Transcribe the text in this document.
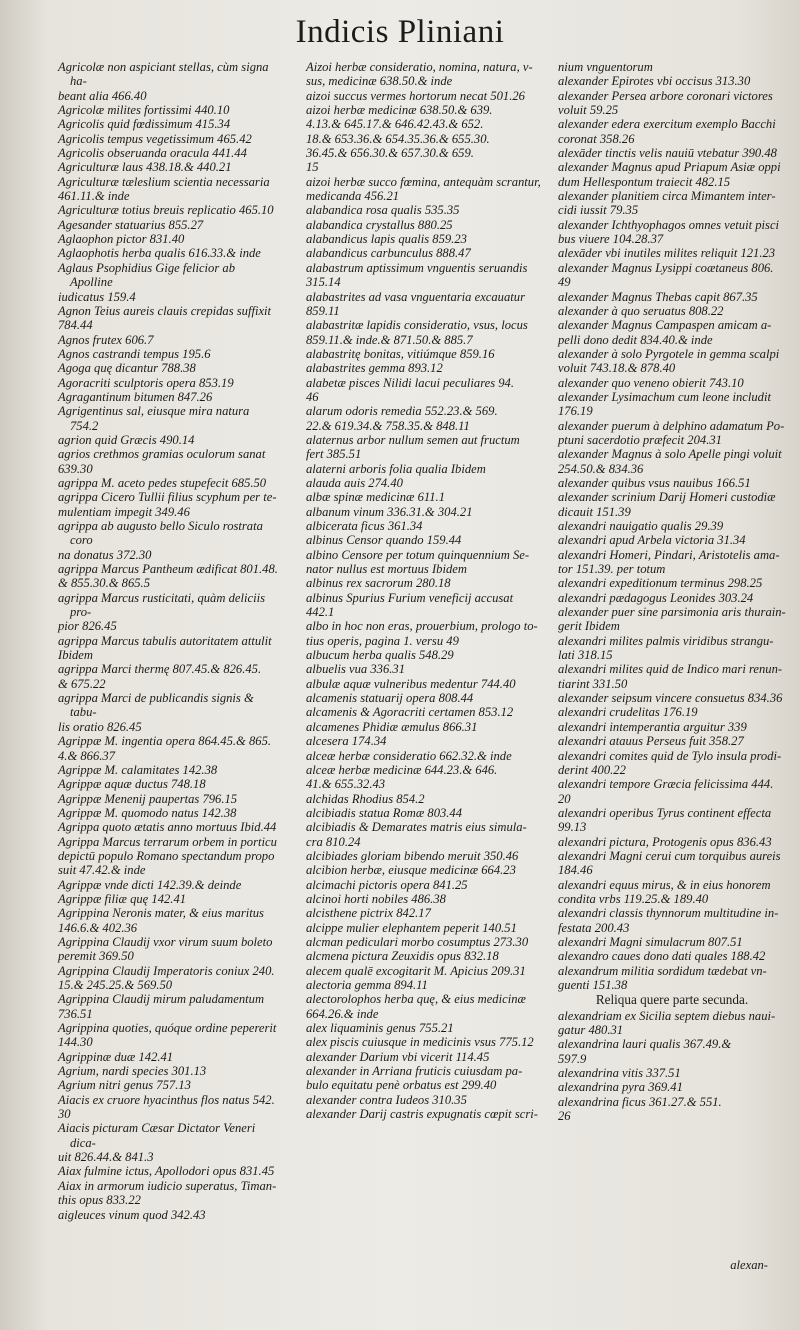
Indicis Pliniani
Agricolæ non aspiciant stellas, cùm signa ha-
beant alia 466.40
Agricolæ milites fortissimi 440.10
Agricolis quid fœdissimum 415.34
Agricolis tempus vegetissimum 465.42
Agricolis obseruanda oracula 441.44
Agriculturæ laus 438.18.& 440.21
Agriculturæ tæleslium scientia necessaria
461.11.& inde
Agriculturæ totius breuis replicatio 465.10
Agesander statuarius 855.27
Aglaophon pictor 831.40
Aglaophotis herba qualis 616.33.& inde
Aglaus Psophidius Gige felicior ab Apolline
iudicatus 159.4
Agnon Teius aureis clauis crepidas suffixit
784.44
Agnos frutex 606.7
Agnos castrandi tempus 195.6
Agoga quę dicantur 788.38
Agoracriti sculptoris opera 853.19
Agragantinum bitumen 847.26
Agrigentinus sal, eiusque mira natura 754.2
agrion quid Græcis 490.14
agrios crethmos gramias oculorum sanat
639.30
agrippa M. aceto pedes stupefecit 685.50
agrippa Cicero Tullii filius scyphum per te-
mulentiam impegit 349.46
agrippa ab augusto bello Siculo rostrata coro
na donatus 372.30
agrippa Marcus Pantheum ædificat 801.48.
& 855.30.& 865.5
agrippa Marcus rusticitati, quàm deliciis pro-
pior 826.45
agrippa Marcus tabulis autoritatem attulit
Ibidem
agrippa Marci thermę 807.45.& 826.45.
& 675.22
agrippa Marci de publicandis signis & tabu-
lis oratio 826.45
Agrippæ M. ingentia opera 864.45.& 865.
4.& 866.37
Agrippæ M. calamitates 142.38
Agrippæ aquæ ductus 748.18
Agrippæ Menenij paupertas 796.15
Agrippæ M. quomodo natus 142.38
Agrippa quoto ætatis anno mortuus Ibid.44
Agrippa Marcus terrarum orbem in porticu
depictū populo Romano spectandum propo
suit 47.42.& inde
Agrippæ vnde dicti 142.39.& deinde
Agrippæ filiæ quę 142.41
Agrippina Neronis mater, & eius maritus
146.6.& 402.36
Agrippina Claudij vxor virum suum boleto
peremit 369.50
Agrippina Claudij Imperatoris coniux 240.
15.& 245.25.& 569.50
Agrippina Claudij mirum paludamentum
736.51
Agrippina quoties, quóque ordine pepererit
144.30
Agrippinæ duæ 142.41
Agrium, nardi species 301.13
Agrium nitri genus 757.13
Aiacis ex cruore hyacinthus flos natus 542.
30
Aiacis picturam Cæsar Dictator Veneri dica-
uit 826.44.& 841.3
Aiax fulmine ictus, Apollodori opus 831.45
Aiax in armorum iudicio superatus, Timan-
this opus 833.22
aigleuces vinum quod 342.43
Aizoi herbæ consideratio, nomina, natura, v-
sus, medicinæ 638.50.& inde
aizoi succus vermes hortorum necat 501.26
aizoi herbæ medicinæ 638.50.& 639.
4.13.& 645.17.& 646.42.43.& 652.
18.& 653.36.& 654.35.36.& 655.30.
36.45.& 656.30.& 657.30.& 659.
15
aizoi herbæ succo fœmina, antequàm scrantur,
medicanda 456.21
alabandica rosa qualis 535.35
alabandica crystallus 880.25
alabandicus lapis qualis 859.23
alabandicus carbunculus 888.47
alabastrum aptissimum vnguentis seruandis
315.14
alabastrites ad vasa vnguentaria excauatur
859.11
alabastritæ lapidis consideratio, vsus, locus
859.11.& inde.& 871.50.& 885.7
alabastritę bonitas, vitiúmque 859.16
alabastrites gemma 893.12
alabetæ pisces Nilidi lacui peculiares 94.
46
alarum odoris remedia 552.23.& 569.
22.& 619.34.& 758.35.& 848.11
alaternus arbor nullum semen aut fructum
fert 385.51
alaterni arboris folia qualia Ibidem
alauda auis 274.40
albæ spinæ medicinæ 611.1
albanum vinum 336.31.& 304.21
albicerata ficus 361.34
albinus Censor quando 159.44
albino Censore per totum quinquennium Se-
nator nullus est mortuus Ibidem
albinus rex sacrorum 280.18
albinus Spurius Furium veneficij accusat
442.1
albo in hoc non eras, prouerbium, prologo to-
tius operis, pagina 1. versu 49
albucum herba qualis 548.29
albuelis vua 336.31
albulæ aquæ vulneribus medentur 744.40
alcamenis statuarij opera 808.44
alcamenis & Agoracriti certamen 853.12
alcamenes Phidiæ æmulus 866.31
alcesera 174.34
alceæ herbæ consideratio 662.32.& inde
alceæ herbæ medicinæ 644.23.& 646.
41.& 655.32.43
alchidas Rhodius 854.2
alcibiadis statua Romæ 803.44
alcibiadis & Demarates matris eius simula-
cra 810.24
alcibiades gloriam bibendo meruit 350.46
alcibion herbæ, eiusque medicinæ 664.23
alcimachi pictoris opera 841.25
alcinoi horti nobiles 486.38
alcisthene pictrix 842.17
alcippe mulier elephantem peperit 140.51
alcman pediculari morbo cosumptus 273.30
alcmena pictura Zeuxidis opus 832.18
alecem qualē excogitarit M. Apicius 209.31
alectoria gemma 894.11
alectorolophos herba quę, & eius medicinæ
664.26.& inde
alex liquaminis genus 755.21
alex piscis cuiusque in medicinis vsus 775.12
alexander Darium vbi vicerit 114.45
alexander in Arriana fruticis cuiusdam pa-
bulo equitatu penè orbatus est 299.40
alexander contra Iudeos 310.35
alexander Darij castris expugnatis cœpit scri-
nium vnguentorum
alexander Epirotes vbi occisus 313.30
alexander Persea arbore coronari victores
voluit 59.25
alexander edera exercitum exemplo Bacchi
coronat 358.26
alexāder tinctis velis nauiū vtebatur 390.48
alexander Magnus apud Priapum Asiæ oppi
dum Hellespontum traiecit 482.15
alexander planitiem circa Mimantem inter-
cidi iussit 79.35
alexander Ichthyophagos omnes vetuit pisci
bus viuere 104.28.37
alexāder vbi inutiles milites reliquit 121.23
alexander Magnus Lysippi coætaneus 806.
49
alexander Magnus Thebas capit 867.35
alexander à quo seruatus 808.22
alexander Magnus Campaspen amicam a-
pelli dono dedit 834.40.& inde
alexander à solo Pyrgotele in gemma scalpi
voluit 743.18.& 878.40
alexander quo veneno obierit 743.10
alexander Lysimachum cum leone includit
176.19
alexander puerum à delphino adamatum Po-
ptuni sacerdotio præfecit 204.31
alexander Magnus à solo Apelle pingi voluit
254.50.& 834.36
alexander quibus vsus nauibus 166.51
alexander scrinium Darij Homeri custodiæ
dicauit 151.39
alexandri nauigatio qualis 29.39
alexandri apud Arbela victoria 31.34
alexandri Homeri, Pindari, Aristotelis ama-
tor 151.39. per totum
alexandri expeditionum terminus 298.25
alexandri pædagogus Leonides 303.24
alexander puer sine parsimonia aris thurain-
gerit Ibidem
alexandri milites palmis viridibus strangu-
lati 318.15
alexandri milites quid de Indico mari renun-
tiarint 331.50
alexander seipsum vincere consuetus 834.36
alexandri crudelitas 176.19
alexandri intemperantia arguitur 339
alexandri atauus Perseus fuit 358.27
alexandri comites quid de Tylo insula prodi-
derint 400.22
alexandri tempore Græcia felicissima 444.
20
alexandri operibus Tyrus continent effecta
99.13
alexandri pictura, Protogenis opus 836.43
alexandri Magni cerui cum torquibus aureis
184.46
alexandri equus mirus, & in eius honorem
condita vrbs 119.25.& 189.40
alexandri classis thynnorum multitudine in-
festata 200.43
alexandri Magni simulacrum 807.51
alexandro caues dono dati quales 188.42
alexandrum militia sordidum tædebat vn-
guenti 151.38
Reliqua quere parte secunda.
alexandriam ex Sicilia septem diebus naui-
gatur 480.31
alexandrina lauri qualis 367.49.&
597.9
alexandrina vitis 337.51
alexandrina pyra 369.41
alexandrina ficus 361.27.& 551.
26
alexan-
